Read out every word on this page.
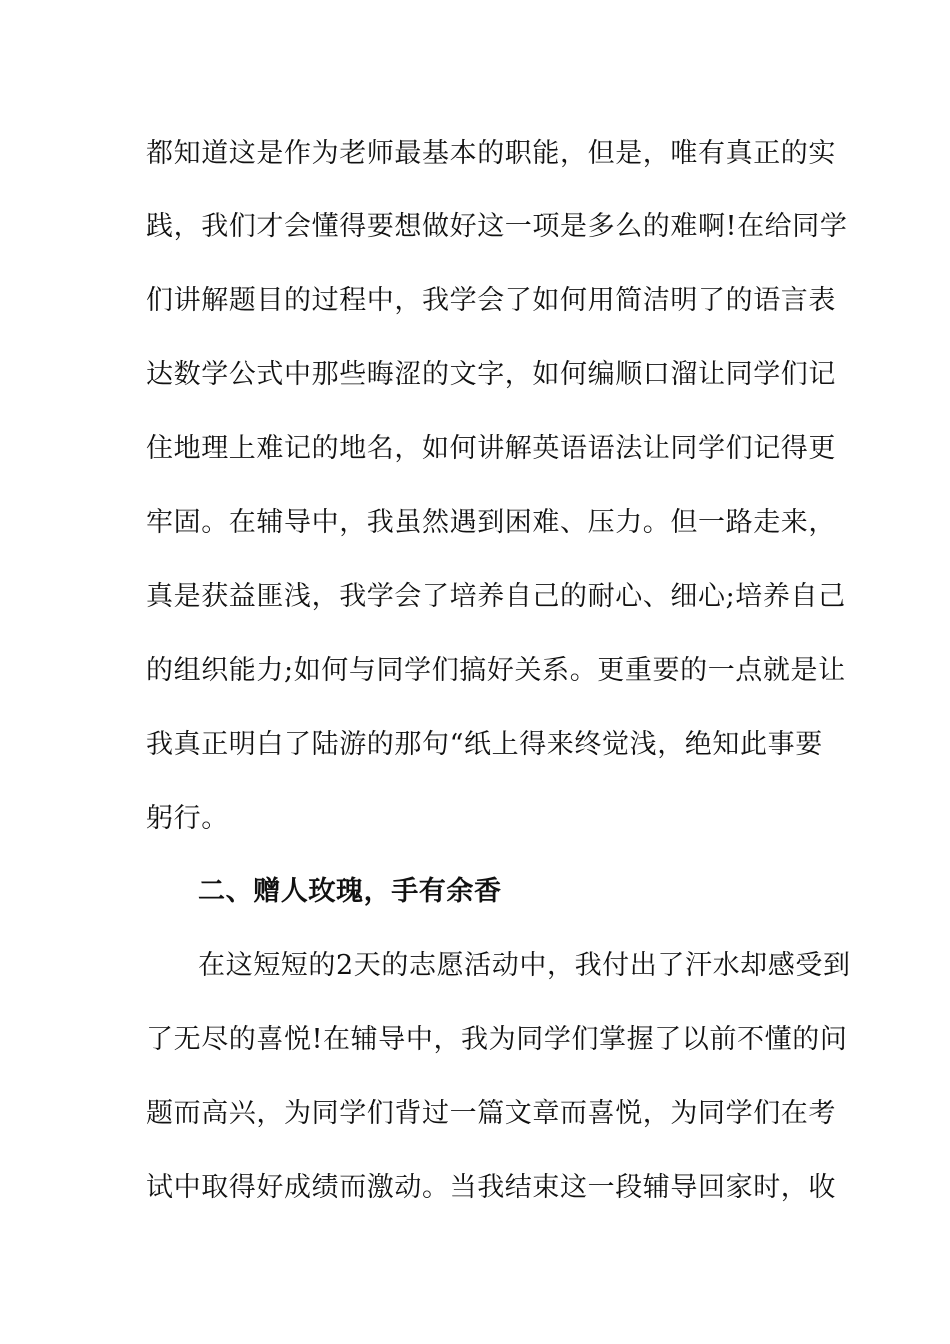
都知道这是作为老师最基本的职能，但是，唯有真正的实
践，我们才会懂得要想做好这一项是多么的难啊!在给同学
们讲解题目的过程中，我学会了如何用简洁明了的语言表
达数学公式中那些晦涩的文字，如何编顺口溜让同学们记
住地理上难记的地名，如何讲解英语语法让同学们记得更
牢固。在辅导中，我虽然遇到困难、压力。但一路走来，
真是获益匪浅，我学会了培养自己的耐心、细心;培养自己
的组织能力;如何与同学们搞好关系。更重要的一点就是让
我真正明白了陆游的那句“纸上得来终觉浅，绝知此事要
躬行。
二、赠人玫瑰，手有余香
在这短短的2天的志愿活动中，我付出了汗水却感受到
了无尽的喜悦!在辅导中，我为同学们掌握了以前不懂的问
题而高兴，为同学们背过一篇文章而喜悦，为同学们在考
试中取得好成绩而激动。当我结束这一段辅导回家时，收
